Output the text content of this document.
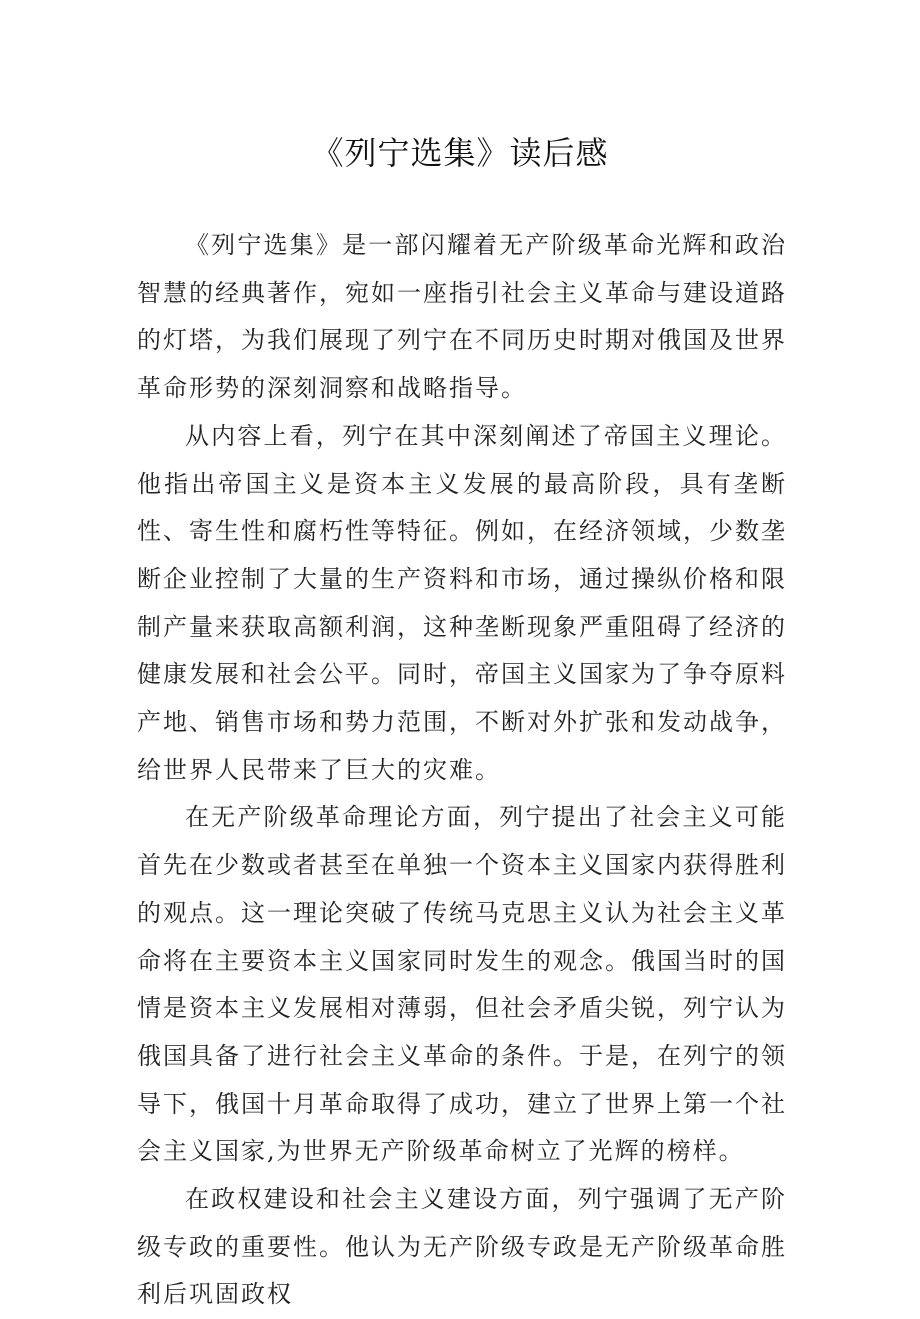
《列宁选集》读后感

《列宁选集》是一部闪耀着无产阶级革命光辉和政治智慧的经典著作，宛如一座指引社会主义革命与建设道路的灯塔，为我们展现了列宁在不同历史时期对俄国及世界革命形势的深刻洞察和战略指导。

从内容上看，列宁在其中深刻阐述了帝国主义理论。他指出帝国主义是资本主义发展的最高阶段，具有垄断性、寄生性和腐朽性等特征。例如，在经济领域，少数垄断企业控制了大量的生产资料和市场，通过操纵价格和限制产量来获取高额利润，这种垄断现象严重阻碍了经济的健康发展和社会公平。同时，帝国主义国家为了争夺原料产地、销售市场和势力范围，不断对外扩张和发动战争，给世界人民带来了巨大的灾难。

在无产阶级革命理论方面，列宁提出了社会主义可能首先在少数或者甚至在单独一个资本主义国家内获得胜利的观点。这一理论突破了传统马克思主义认为社会主义革命将在主要资本主义国家同时发生的观念。俄国当时的国情是资本主义发展相对薄弱，但社会矛盾尖锐，列宁认为俄国具备了进行社会主义革命的条件。于是，在列宁的领导下，俄国十月革命取得了成功，建立了世界上第一个社会主义国家,为世界无产阶级革命树立了光辉的榜样。

在政权建设和社会主义建设方面，列宁强调了无产阶级专政的重要性。他认为无产阶级专政是无产阶级革命胜利后巩固政权
